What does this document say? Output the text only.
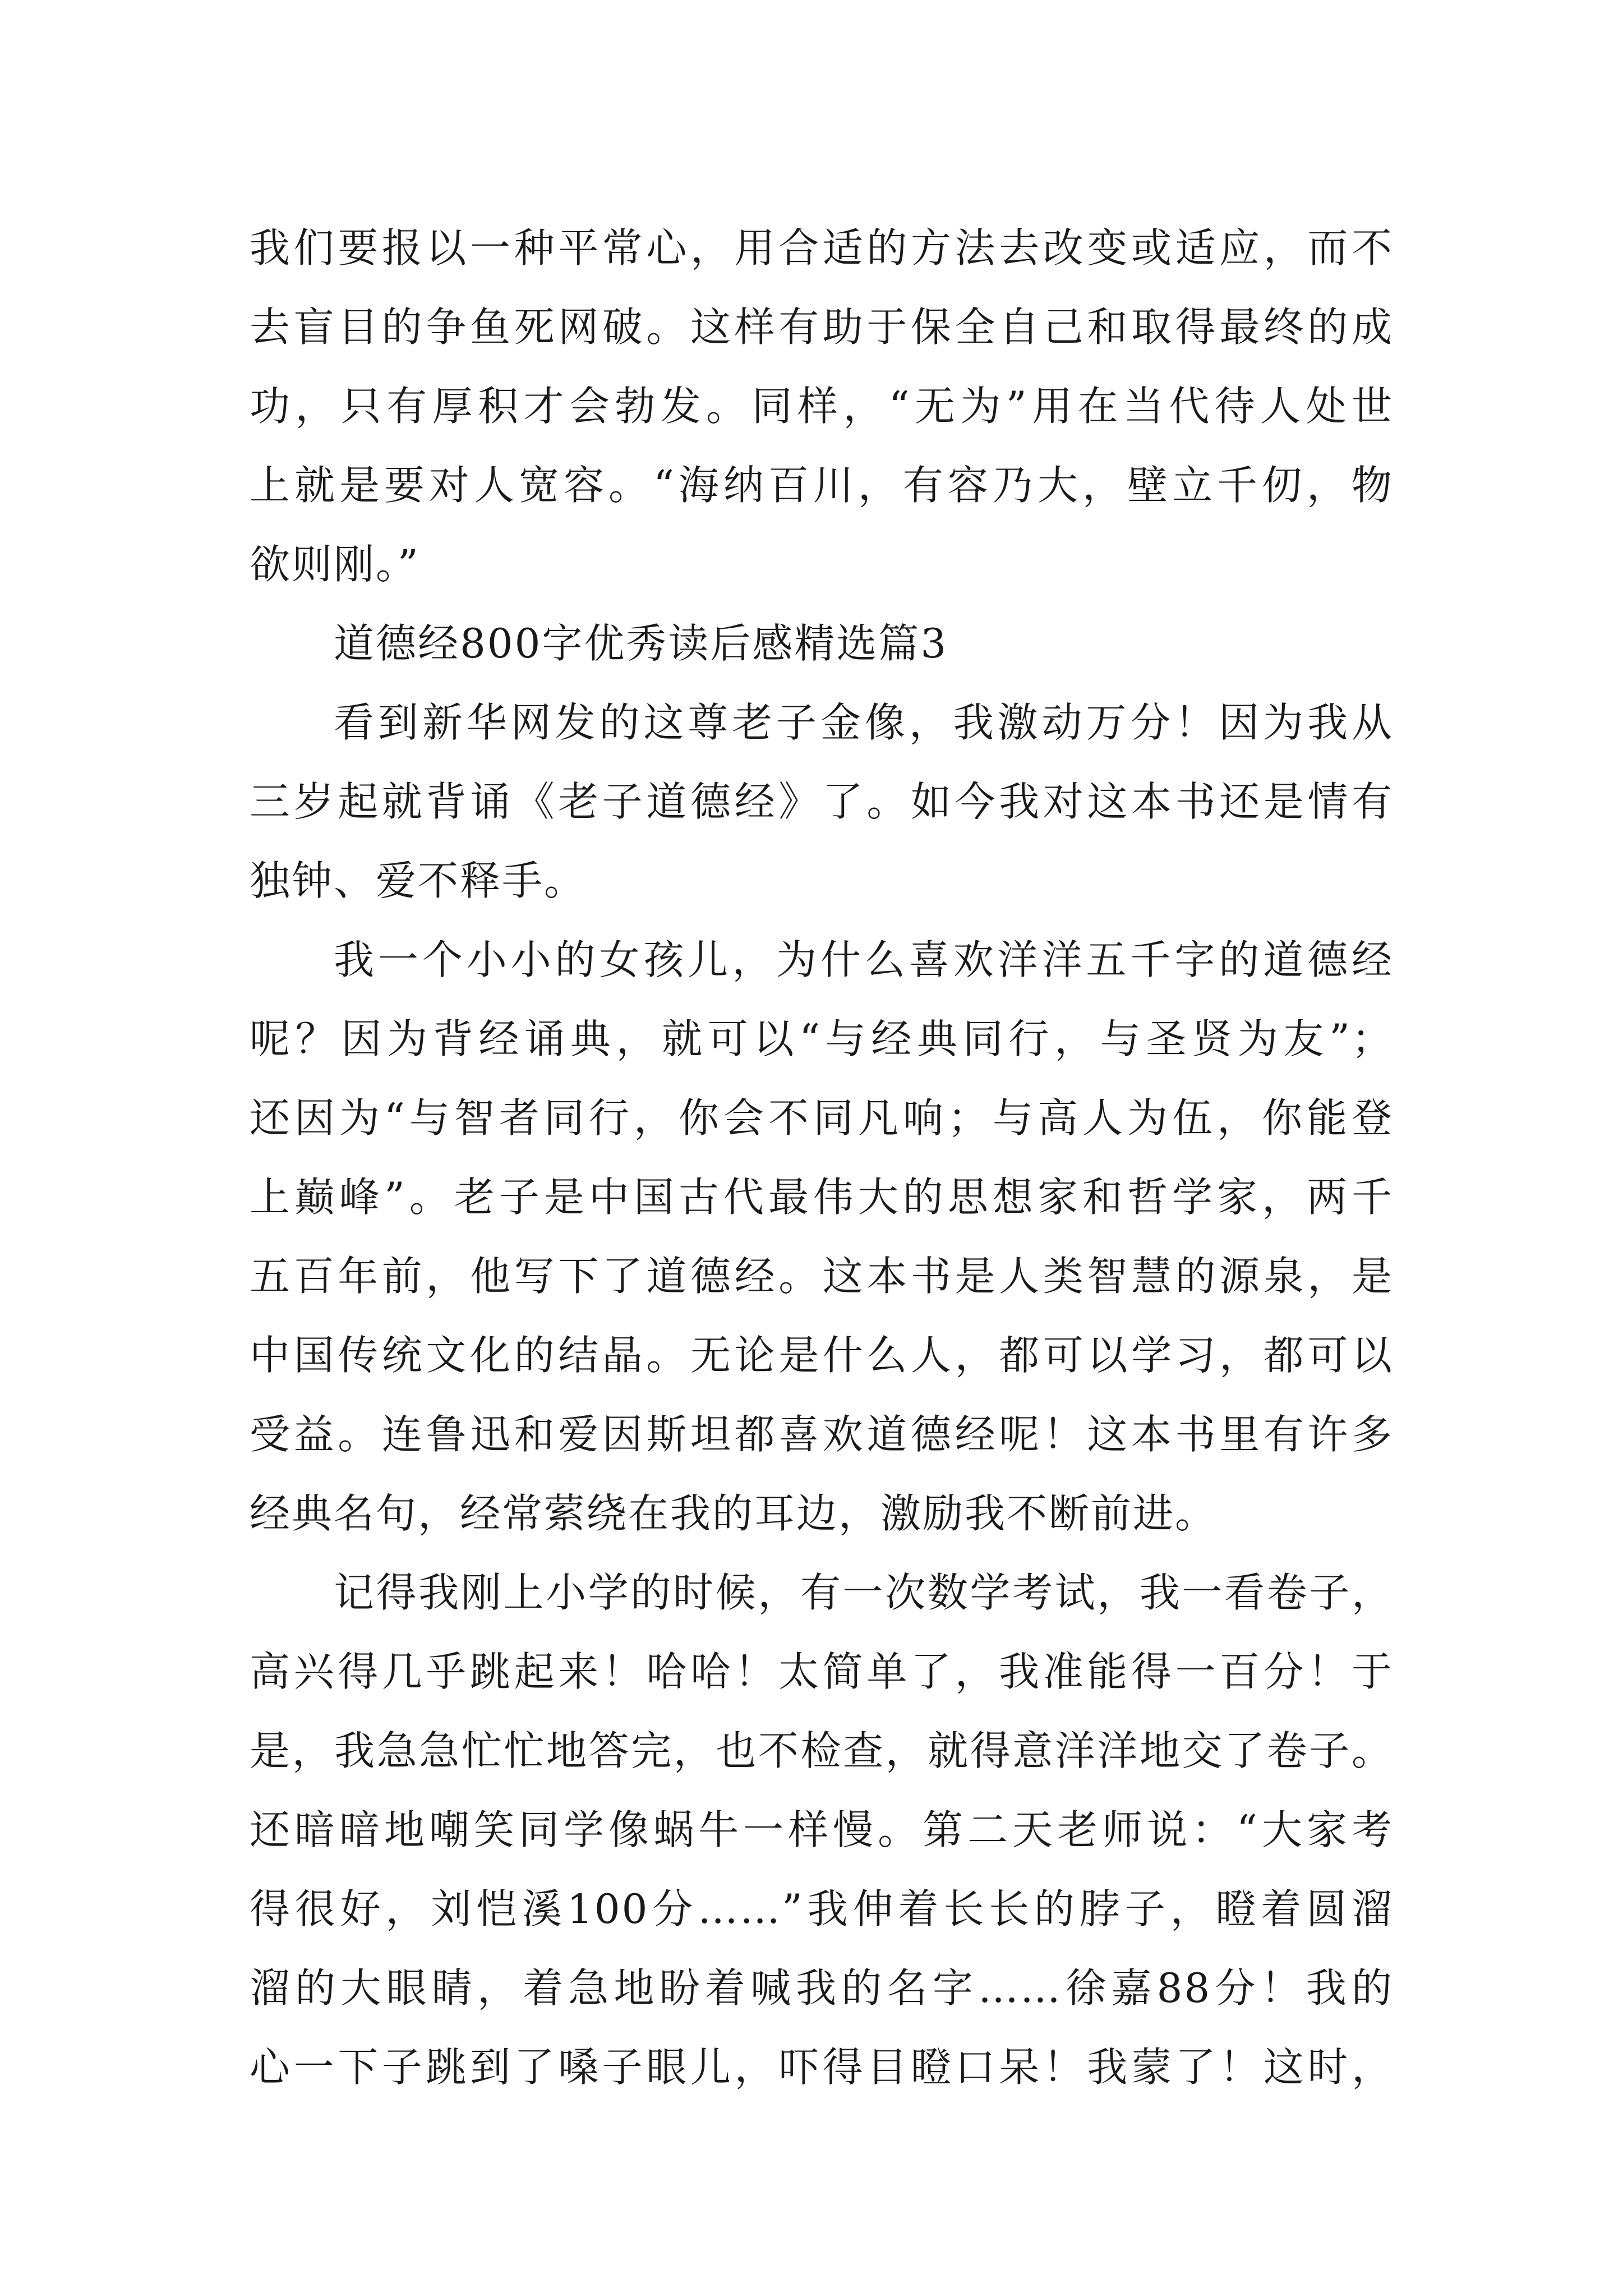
我们要报以一种平常心，用合适的方法去改变或适应，而不
去盲目的争鱼死网破。这样有助于保全自己和取得最终的成
功，只有厚积才会勃发。同样，“无为”用在当代待人处世
上就是要对人宽容。“海纳百川，有容乃大，壁立千仞，物
欲则刚。”

道德经800字优秀读后感精选篇3

看到新华网发的这尊老子金像，我激动万分！因为我从
三岁起就背诵《老子道德经》了。如今我对这本书还是情有
独钟、爱不释手。

我一个小小的女孩儿，为什么喜欢洋洋五千字的道德经
呢？因为背经诵典，就可以“与经典同行，与圣贤为友”；
还因为“与智者同行，你会不同凡响；与高人为伍，你能登
上巅峰”。老子是中国古代最伟大的思想家和哲学家，两千
五百年前，他写下了道德经。这本书是人类智慧的源泉，是
中国传统文化的结晶。无论是什么人，都可以学习，都可以
受益。连鲁迅和爱因斯坦都喜欢道德经呢！这本书里有许多
经典名句，经常萦绕在我的耳边，激励我不断前进。

记得我刚上小学的时候，有一次数学考试，我一看卷子，
高兴得几乎跳起来！哈哈！太简单了，我准能得一百分！于
是，我急急忙忙地答完，也不检查，就得意洋洋地交了卷子。
还暗暗地嘲笑同学像蜗牛一样慢。第二天老师说：“大家考
得很好，刘恺溪100分……”我伸着长长的脖子，瞪着圆溜
溜的大眼睛，着急地盼着喊我的名字……徐嘉88分！我的
心一下子跳到了嗓子眼儿，吓得目瞪口呆！我蒙了！这时，
